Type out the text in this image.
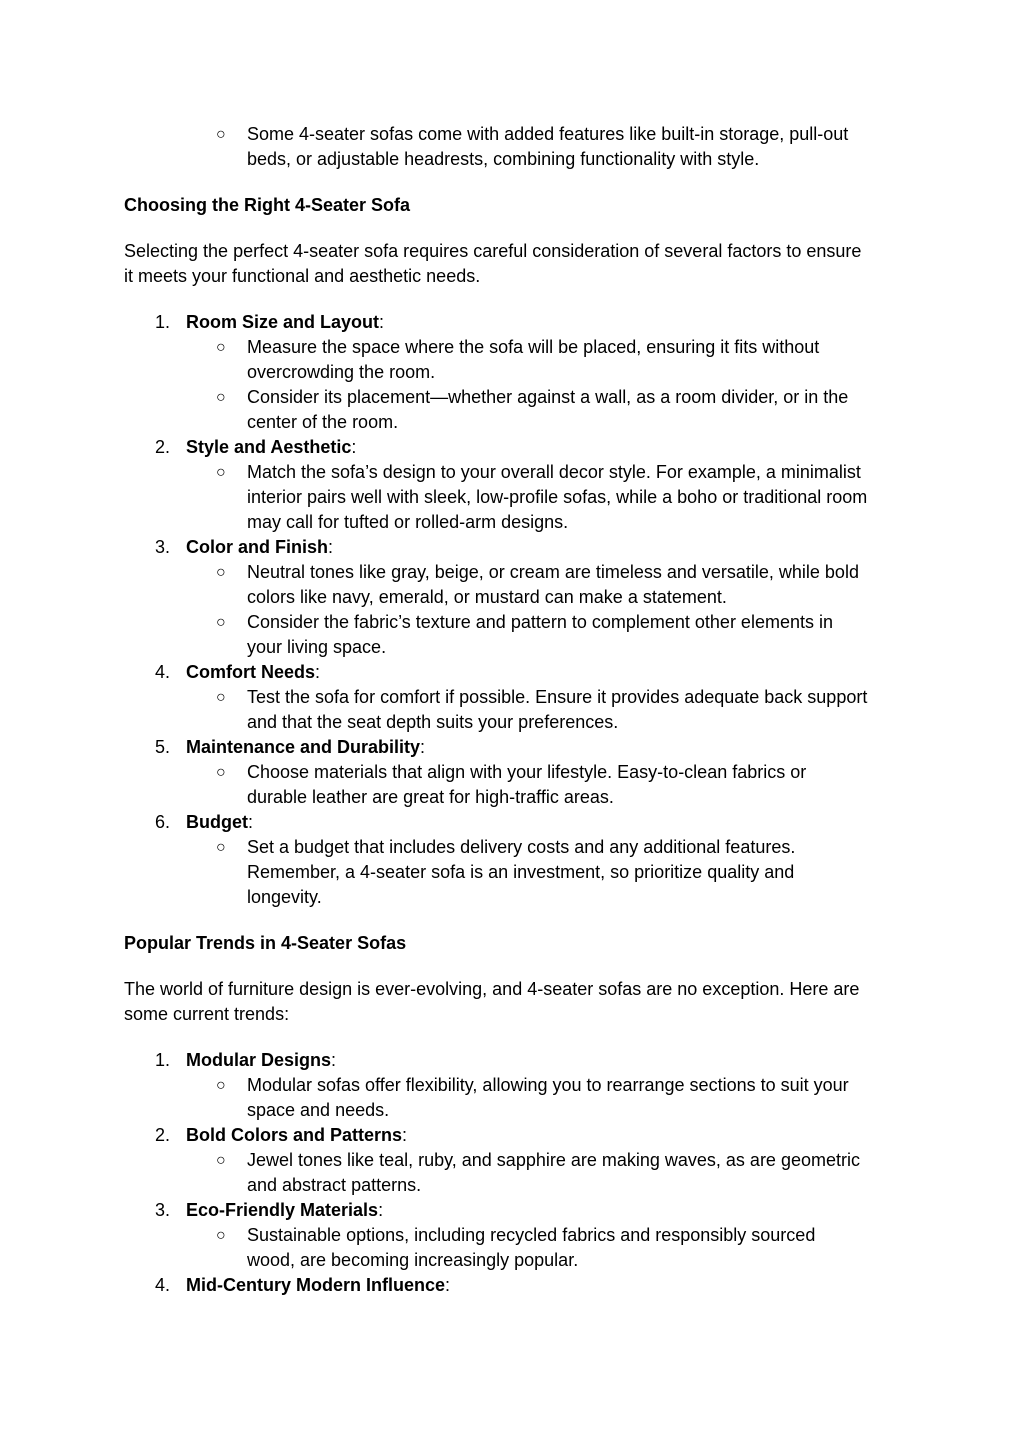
○ Some 4-seater sofas come with added features like built-in storage, pull-out
beds, or adjustable headrests, combining functionality with style.
Choosing the Right 4-Seater Sofa
Selecting the perfect 4-seater sofa requires careful consideration of several factors to ensure
it meets your functional and aesthetic needs.
1. Room Size and Layout:
○ Measure the space where the sofa will be placed, ensuring it fits without
overcrowding the room.
○ Consider its placement—whether against a wall, as a room divider, or in the
center of the room.
2. Style and Aesthetic:
○ Match the sofa’s design to your overall decor style. For example, a minimalist
interior pairs well with sleek, low-profile sofas, while a boho or traditional room
may call for tufted or rolled-arm designs.
3. Color and Finish:
○ Neutral tones like gray, beige, or cream are timeless and versatile, while bold
colors like navy, emerald, or mustard can make a statement.
○ Consider the fabric’s texture and pattern to complement other elements in
your living space.
4. Comfort Needs:
○ Test the sofa for comfort if possible. Ensure it provides adequate back support
and that the seat depth suits your preferences.
5. Maintenance and Durability:
○ Choose materials that align with your lifestyle. Easy-to-clean fabrics or
durable leather are great for high-traffic areas.
6. Budget:
○ Set a budget that includes delivery costs and any additional features.
Remember, a 4-seater sofa is an investment, so prioritize quality and
longevity.
Popular Trends in 4-Seater Sofas
The world of furniture design is ever-evolving, and 4-seater sofas are no exception. Here are
some current trends:
1. Modular Designs:
○ Modular sofas offer flexibility, allowing you to rearrange sections to suit your
space and needs.
2. Bold Colors and Patterns:
○ Jewel tones like teal, ruby, and sapphire are making waves, as are geometric
and abstract patterns.
3. Eco-Friendly Materials:
○ Sustainable options, including recycled fabrics and responsibly sourced
wood, are becoming increasingly popular.
4. Mid-Century Modern Influence:
